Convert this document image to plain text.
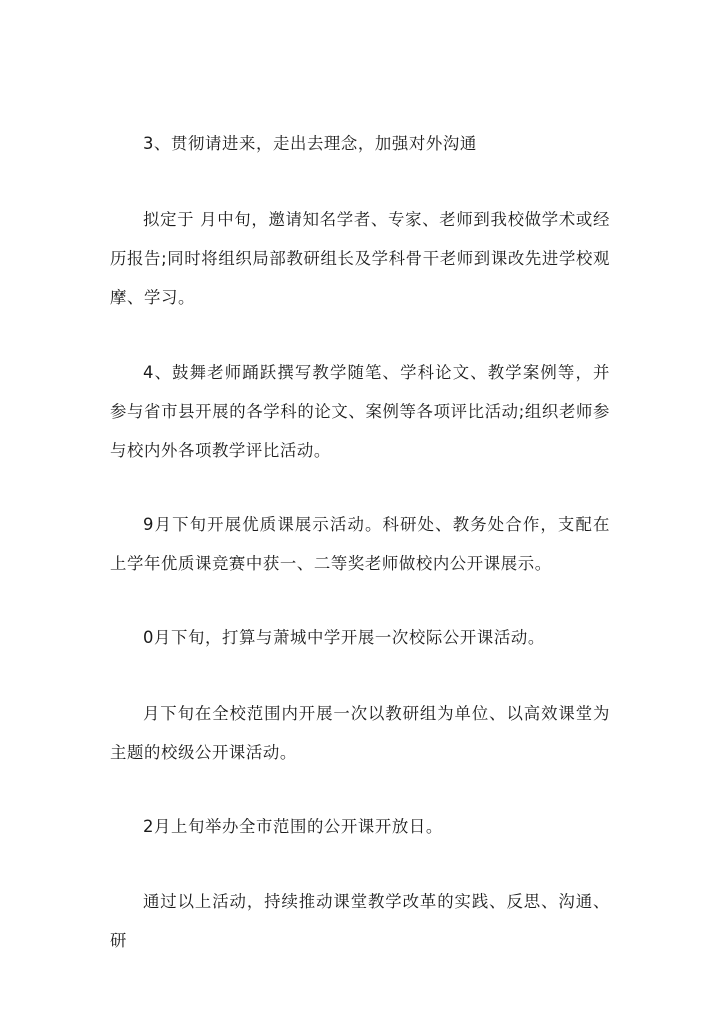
3、贯彻请进来，走出去理念，加强对外沟通

拟定于 月中旬，邀请知名学者、专家、老师到我校做学术或经历报告;同时将组织局部教研组长及学科骨干老师到课改先进学校观摩、学习。

4、鼓舞老师踊跃撰写教学随笔、学科论文、教学案例等，并参与省市县开展的各学科的论文、案例等各项评比活动;组织老师参与校内外各项教学评比活动。

9月下旬开展优质课展示活动。科研处、教务处合作，支配在上学年优质课竞赛中获一、二等奖老师做校内公开课展示。

0月下旬，打算与萧城中学开展一次校际公开课活动。

月下旬在全校范围内开展一次以教研组为单位、以高效课堂为主题的校级公开课活动。

2月上旬举办全市范围的公开课开放日。

通过以上活动，持续推动课堂教学改革的实践、反思、沟通、研
